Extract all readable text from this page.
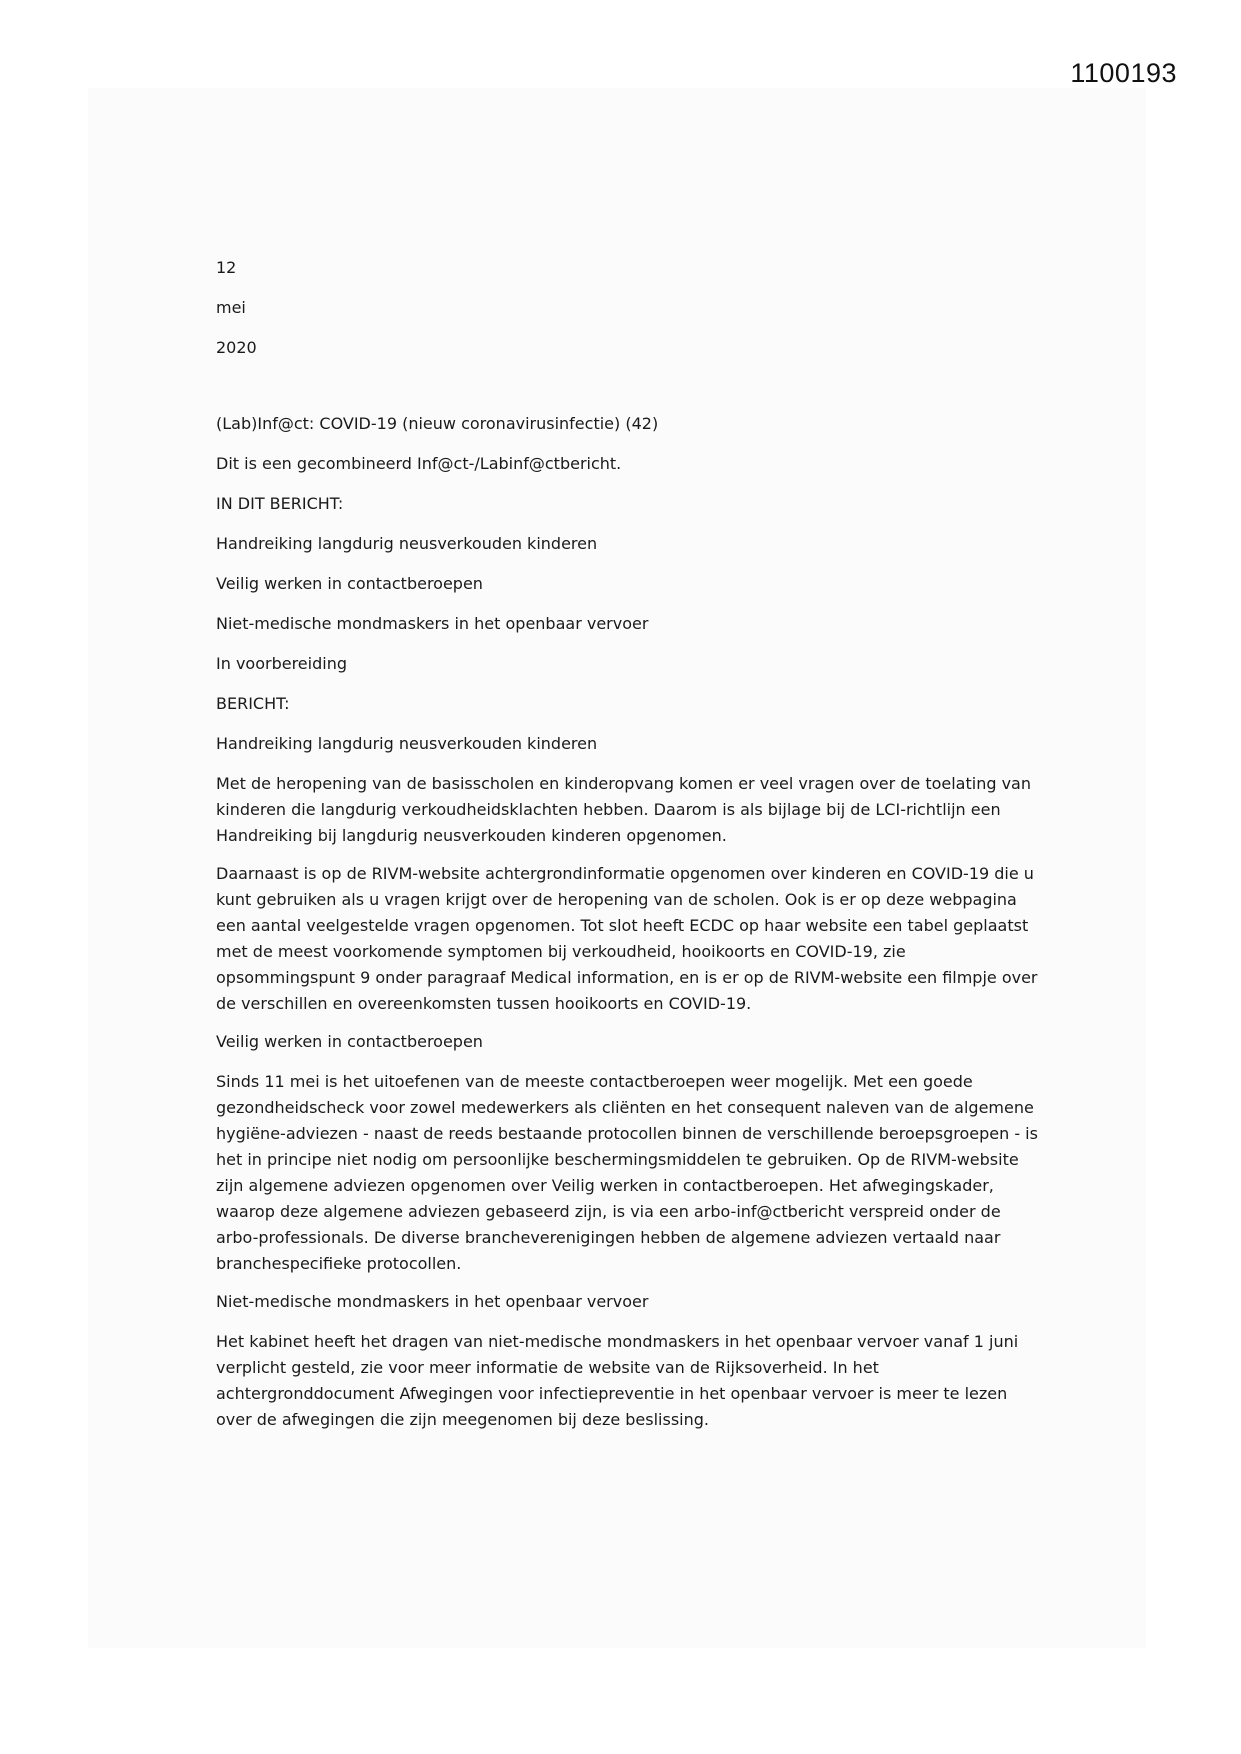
1100193
12
mei
2020

(Lab)Inf@ct: COVID-19 (nieuw coronavirusinfectie) (42)

Dit is een gecombineerd Inf@ct-/Labinf@ctbericht.

IN DIT BERICHT:

Handreiking langdurig neusverkouden kinderen

Veilig werken in contactberoepen

Niet-medische mondmaskers in het openbaar vervoer

In voorbereiding

BERICHT:

Handreiking langdurig neusverkouden kinderen

Met de heropening van de basisscholen en kinderopvang komen er veel vragen over de toelating van kinderen die langdurig verkoudheidsklachten hebben. Daarom is als bijlage bij de LCI-richtlijn een Handreiking bij langdurig neusverkouden kinderen opgenomen.

Daarnaast is op de RIVM-website achtergrondinformatie opgenomen over kinderen en COVID-19 die u kunt gebruiken als u vragen krijgt over de heropening van de scholen. Ook is er op deze webpagina een aantal veelgestelde vragen opgenomen. Tot slot heeft ECDC op haar website een tabel geplaatst met de meest voorkomende symptomen bij verkoudheid, hooikoorts en COVID-19, zie opsommingspunt 9 onder paragraaf Medical information, en is er op de RIVM-website een filmpje over de verschillen en overeenkomsten tussen hooikoorts en COVID-19.

Veilig werken in contactberoepen

Sinds 11 mei is het uitoefenen van de meeste contactberoepen weer mogelijk. Met een goede gezondheidscheck voor zowel medewerkers als cliënten en het consequent naleven van de algemene hygiëne-adviezen - naast de reeds bestaande protocollen binnen de verschillende beroepsgroepen - is het in principe niet nodig om persoonlijke beschermingsmiddelen te gebruiken. Op de RIVM-website zijn algemene adviezen opgenomen over Veilig werken in contactberoepen. Het afwegingskader, waarop deze algemene adviezen gebaseerd zijn, is via een arbo-inf@ctbericht verspreid onder de arbo-professionals. De diverse brancheverenigingen hebben de algemene adviezen vertaald naar branchespecifieke protocollen.

Niet-medische mondmaskers in het openbaar vervoer

Het kabinet heeft het dragen van niet-medische mondmaskers in het openbaar vervoer vanaf 1 juni verplicht gesteld, zie voor meer informatie de website van de Rijksoverheid. In het achtergronddocument Afwegingen voor infectiepreventie in het openbaar vervoer is meer te lezen over de afwegingen die zijn meegenomen bij deze beslissing.
